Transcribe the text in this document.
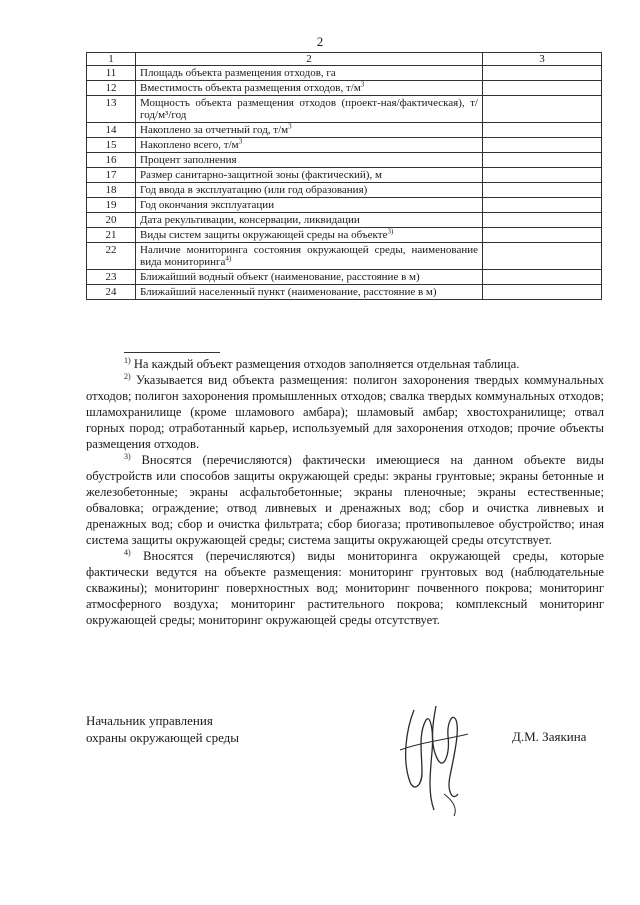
2
1	2	3
11	Площадь объекта размещения отходов, га	
12	Вместимость объекта размещения отходов, $т/м^3$	
13	Мощность объекта размещения отходов (проект-ная/фактическая), т/год/м³/год	
14	Накоплено за отчетный год, $т/м^3$	
15	Накоплено всего, $т/м^3$	
16	Процент заполнения	
17	Размер санитарно-защитной зоны (фактический), м	
18	Год ввода в эксплуатацию (или год образования)	
19	Год окончания эксплуатации	
20	Дата рекультивации, консервации, ликвидации	
21	Виды систем защиты окружающей среды на объекте$^{3)}$	
22	Наличие мониторинга состояния окружающей среды, наименование вида мониторинга$^{4)}$	
23	Ближайший водный объект (наименование, расстояние в м)	
24	Ближайший населенный пункт (наименование, расстояние в м)	

$^{1)}$ На каждый объект размещения отходов заполняется отдельная таблица.

$^{2)}$ Указывается вид объекта размещения: полигон захоронения твердых коммунальных отходов; полигон захоронения промышленных отходов; свалка твердых коммунальных отходов; шламохранилище (кроме шламового амбара); шламовый амбар; хвостохранилище; отвал горных пород; отработанный карьер, используемый для захоронения отходов; прочие объекты размещения отходов.

$^{3)}$ Вносятся (перечисляются) фактически имеющиеся на данном объекте виды обустройств или способов защиты окружающей среды: экраны грунтовые; экраны бетонные и железобетонные; экраны асфальтобетонные; экраны пленочные; экраны естественные; обваловка; ограждение; отвод ливневых и дренажных вод; сбор и очистка ливневых и дренажных вод; сбор и очистка фильтрата; сбор биогаза; противопылевое обустройство; иная система защиты окружающей среды; система защиты окружающей среды отсутствует.

$^{4)}$ Вносятся (перечисляются) виды мониторинга окружающей среды, которые фактически ведутся на объекте размещения: мониторинг грунтовых вод (наблюдательные скважины); мониторинг поверхностных вод; мониторинг почвенного покрова; мониторинг атмосферного воздуха; мониторинг растительного покрова; комплексный мониторинг окружающей среды; мониторинг окружающей среды отсутствует.

Начальник управления
охраны окружающей среды	Д.М. Заякина
